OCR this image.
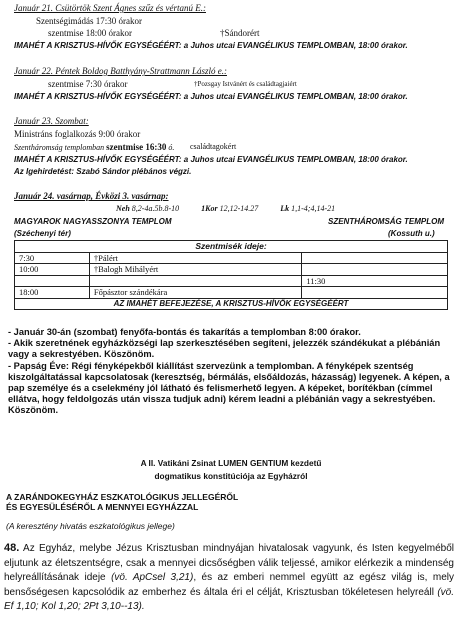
Január 21. Csütörtök Szent Ágnes szűz és vértanú E.:
Szentségimádás 17:30 órakor
szentmise 18:00 órakor	†Sándorért
IMAHÉT A KRISZTUS-HÍVŐK EGYSÉGÉÉRT: a Juhos utcai EVANGÉLIKUS TEMPLOMBAN, 18:00 órakor.
Január 22. Péntek Boldog Batthyány-Strattmann László e.:
szentmise 7:30 órakor	†Pozsgay Istvánért és családtagjaiért
IMAHÉT A KRISZTUS-HÍVŐK EGYSÉGÉÉRT: a Juhos utcai EVANGÉLIKUS TEMPLOMBAN, 18:00 órakor.
Január 23. Szombat:
Ministráns foglalkozás 9:00 órakor
Szentháromság templomban szentmise 16:30 ó. családtagokért
IMAHÉT A KRISZTUS-HÍVŐK EGYSÉGÉÉRT: a Juhos utcai EVANGÉLIKUS TEMPLOMBAN, 18:00 órakor.
Az Igehirdetést: Szabó Sándor plébános végzi.
Január 24. vasárnap, Évközi 3. vasárnap:
Neh 8,2-4a.5b.8-10	1Kor 12,12-14.27	Lk 1,1-4;4,14-21
MAGYAROK NAGYASSZONYA TEMPLOM
(Széchenyi tér)
SZENTHÁROMSÁG TEMPLOM
(Kossuth u.)
Szentmisék ideje:		
7:30	†Pálért	
10:00	†Balogh Mihályért	
		11:30
18:00	Főpásztor szándékára	
AZ IMAHÉT BEFEJEZÉSE, A KRISZTUS-HÍVŐK EGYSÉGÉÉRT		

- Január 30-án (szombat) fenyőfa-bontás és takarítás a templomban 8:00 órakor.

- Akik szeretnének egyházközségi lap szerkesztésében segíteni, jelezzék szándékukat a plébánián vagy a sekrestyében. Köszönöm.

- Papság Éve: Régi fényképekből kiállítást szervezünk a templomban. A fényképek szentség kiszolgáltatással kapcsolatosak (keresztség, bérmálás, elsőáldozás, házasság) legyenek. A képen, a pap személye és a cselekmény jól látható és felismerhető legyen. A képeket, borítékban (címmel ellátva, hogy feldolgozás után vissza tudjuk adni) kérem leadni a plébánián vagy a sekrestyében. Köszönöm.

A II. Vatikáni Zsinat LUMEN GENTIUM kezdetű
dogmatikus konstitúciója az Egyházról
A ZARÁNDOKEGYHÁZ ESZKATOLÓGIKUS JELLEGÉRŐL
ÉS EGYESÜLÉSÉRŐL A MENNYEI EGYHÁZZAL
(A keresztény hivatás eszkatológikus jellege)
48. Az Egyház, melybe Jézus Krisztusban mindnyájan hivatalosak vagyunk, és Isten kegyelméből eljutunk az életszentségre, csak a mennyei dicsőségben válik teljessé, amikor elérkezik a mindenség helyreállításának ideje (vö. ApCsel 3,21), és az emberi nemmel együtt az egész világ is, mely bensőségesen kapcsolódik az emberhez és általa éri el célját, Krisztusban tökéletesen helyreáll (vö. Ef 1,10; Kol 1,20; 2Pt 3,10--13).
